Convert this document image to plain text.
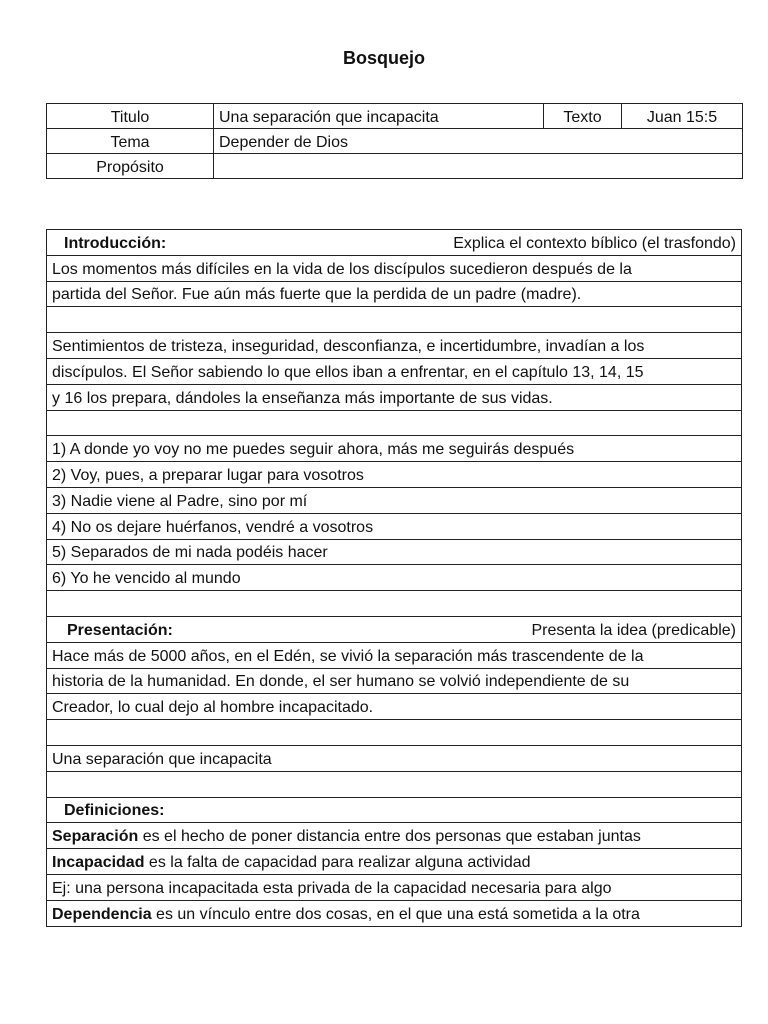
Bosquejo
Titulo	Una separación que incapacita	Texto	Juan 15:5
Tema	Depender de Dios		
Propósito			
Introducción:	Explica el contexto bíblico (el trasfondo)

Los momentos más difíciles en la vida de los discípulos sucedieron después de la
partida del Señor. Fue aún más fuerte que la perdida de un padre (madre).

Sentimientos de tristeza, inseguridad, desconfianza, e incertidumbre, invadían a los
discípulos. El Señor sabiendo lo que ellos iban a enfrentar, en el capítulo 13, 14, 15
y 16 los prepara, dándoles la enseñanza más importante de sus vidas.

1) A donde yo voy no me puedes seguir ahora, más me seguirás después
2) Voy, pues, a preparar lugar para vosotros
3) Nadie viene al Padre, sino por mí
4) No os dejare huérfanos, vendré a vosotros
5) Separados de mi nada podéis hacer
6) Yo he vencido al mundo

Presentación:	Presenta la idea (predicable)

Hace más de 5000 años, en el Edén, se vivió la separación más trascendente de la
historia de la humanidad. En donde, el ser humano se volvió independiente de su
Creador, lo cual dejo al hombre incapacitado.

Una separación que incapacita

Definiciones:

Separación es el hecho de poner distancia entre dos personas que estaban juntas
Incapacidad es la falta de capacidad para realizar alguna actividad
Ej: una persona incapacitada esta privada de la capacidad necesaria para algo
Dependencia es un vínculo entre dos cosas, en el que una está sometida a la otra
